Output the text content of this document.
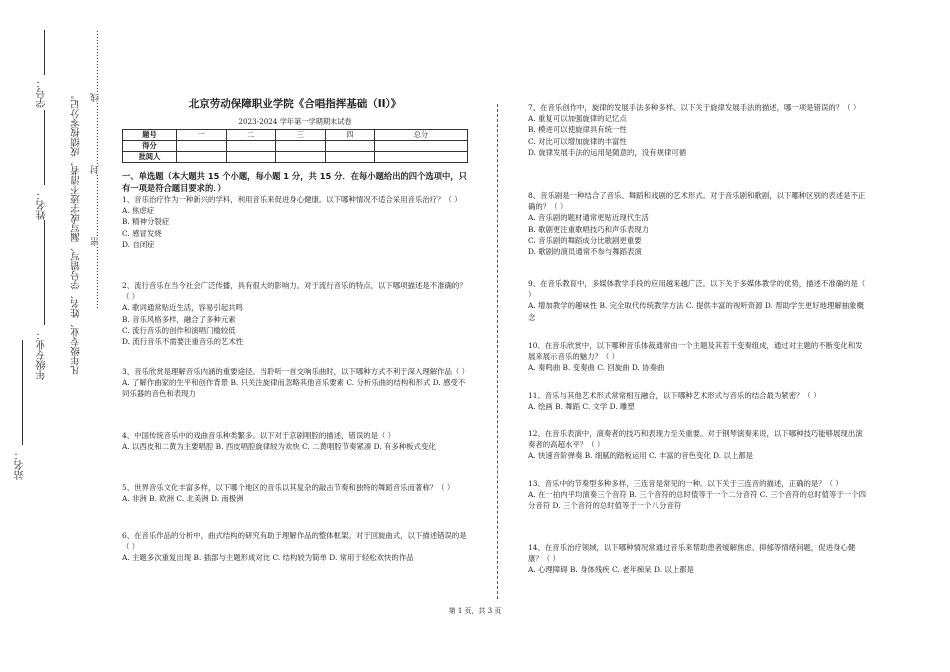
站名：
年级专业：
姓名：
学号： 凡年级专业、姓名、学号错写、漏写或字迹不清者，成绩按零分记。 …………………密…………………封…………………线…………………	北京劳动保障职业学院《合唱指挥基础（II）》
2023-2024 学年第一学期期末试卷
题号	一	二	三	四	总分
得分					
批阅人					
一、单选题（本大题共 15 个小题，每小题 1 分，共 15 分．在每小题给出的四个选项中，只有一项是符合题目要求的．）
1、音乐治疗作为一种新兴的学科，利用音乐来促进身心健康。以下哪种情况不适合采用音乐治疗？（ ）
A. 焦虑症
B. 精神分裂症
C. 感冒发烧
D. 自闭症
2、流行音乐在当今社会广泛传播，具有很大的影响力。对于流行音乐的特点，以下哪项描述是不准确的？（ ）
A. 歌词通常贴近生活，容易引起共鸣
B. 音乐风格多样，融合了多种元素
C. 流行音乐的创作和演唱门槛较低
D. 流行音乐不需要注重音乐的艺术性
3、音乐欣赏是理解音乐内涵的重要途径。当聆听一首交响乐曲时，以下哪种方式不利于深入理解作品（ ）
A. 了解作曲家的生平和创作背景 B. 只关注旋律而忽略其他音乐要素 C. 分析乐曲的结构和形式 D. 感受不同乐器的音色和表现力
4、中国传统音乐中的戏曲音乐种类繁多。以下对于京剧唱腔的描述，错误的是（ ）
A. 以西皮和二黄为主要唱腔 B. 西皮唱腔旋律较为欢快 C. 二黄唱腔节奏紧凑 D. 有多种板式变化
5、世界音乐文化丰富多样，以下哪个地区的音乐以其复杂的敲击节奏和独特的舞蹈音乐而著称？（ ）
A. 非洲 B. 欧洲 C. 北美洲 D. 南极洲
6、在音乐作品的分析中，曲式结构的研究有助于理解作品的整体框架。对于回旋曲式，以下描述错误的是（ ）
A. 主题多次重复出现 B. 插部与主题形成对比 C. 结构较为简单 D. 常用于轻松欢快的作品
7、在音乐创作中，旋律的发展手法多种多样。以下关于旋律发展手法的描述，哪一项是错误的？（ ）
A. 重复可以加强旋律的记忆点
B. 模进可以使旋律具有统一性
C. 对比可以增加旋律的丰富性
D. 旋律发展手法的运用是随意的，没有规律可循
8、音乐剧是一种结合了音乐、舞蹈和戏剧的艺术形式。对于音乐剧和歌剧，以下哪种区别的表述是不正确的？（ ）
A. 音乐剧的题材通常更贴近现代生活
B. 歌剧更注重歌唱技巧和声乐表现力
C. 音乐剧的舞蹈成分比歌剧更重要
D. 歌剧的演员通常不参与舞蹈表演
9、在音乐教育中，多媒体教学手段的应用越来越广泛。以下关于多媒体教学的优势，描述不准确的是（ ）
A. 增加教学的趣味性 B. 完全取代传统教学方法 C. 提供丰富的视听资源 D. 帮助学生更好地理解抽象概念
10、在音乐欣赏中，以下哪种音乐体裁通常由一个主题及其若干变奏组成，通过对主题的不断变化和发展来展示音乐的魅力？（ ）
A. 奏鸣曲 B. 变奏曲 C. 回旋曲 D. 协奏曲
11、音乐与其他艺术形式常常相互融合，以下哪种艺术形式与音乐的结合最为紧密？（ ）
A. 绘画 B. 舞蹈 C. 文学 D. 雕塑
12、在音乐表演中，演奏者的技巧和表现力至关重要。对于钢琴演奏来说，以下哪种技巧能够展现出演奏者的高超水平？（ ）
A. 快速音阶弹奏 B. 细腻的踏板运用 C. 丰富的音色变化 D. 以上都是
13、音乐中的节奏型多种多样，三连音是常见的一种。以下关于三连音的描述，正确的是？（ ）
A. 在一拍内平均演奏三个音符 B. 三个音符的总时值等于一个二分音符 C. 三个音符的总时值等于一个四分音符 D. 三个音符的总时值等于一个八分音符
14、在音乐治疗领域，以下哪种情况常通过音乐来帮助患者缓解焦虑、抑郁等情绪问题，促进身心健康？（ ）
A. 心理障碍 B. 身体残疾 C. 老年痴呆 D. 以上都是
第 1 页，共 3 页
